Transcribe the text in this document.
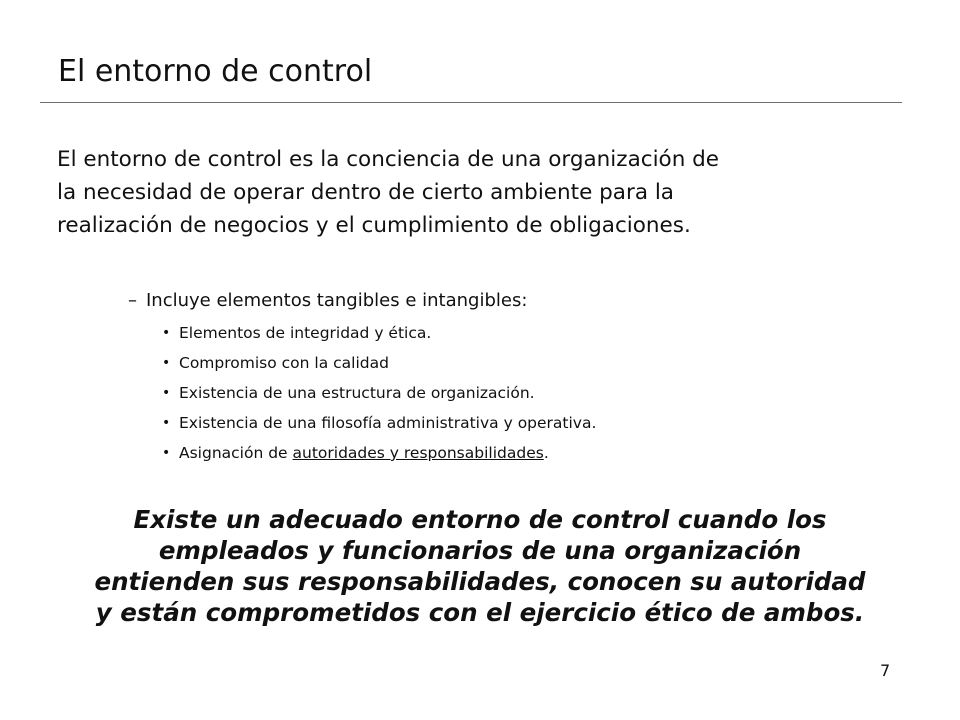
El entorno de control

El entorno de control es la conciencia de una organización de
la necesidad de operar dentro de cierto ambiente para la
realización de negocios y el cumplimiento de obligaciones.

– Incluye elementos tangibles e intangibles:
• Elementos de integridad y ética.
• Compromiso con la calidad
• Existencia de una estructura de organización.
• Existencia de una filosofía administrativa y operativa.
• Asignación de autoridades y responsabilidades.

Existe un adecuado entorno de control cuando los
empleados y funcionarios de una organización
entienden sus responsabilidades, conocen su autoridad
y están comprometidos con el ejercicio ético de ambos.

7
